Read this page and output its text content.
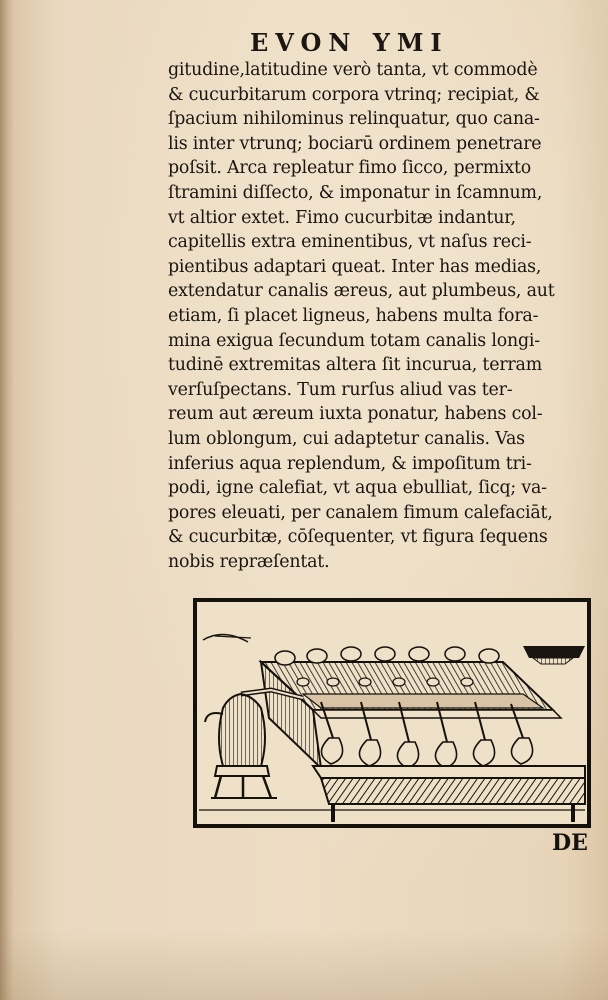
EVON YMI
gitudine,latitudine verò tanta, vt commodè
& cucurbitarum corpora vtrinq; recipiat, &
ſpacium nihilominus relinquatur, quo cana-
lis inter vtrunq; bociarū ordinem penetrare
poſsit. Arca repleatur fimo ſicco, permixto
ſtramini diſſecto, & imponatur in ſcamnum,
vt altior extet. Fimo cucurbitæ indantur,
capitellis extra eminentibus, vt naſus reci-
pientibus adaptari queat. Inter has medias,
extendatur canalis æreus, aut plumbeus, aut
etiam, ſi placet ligneus, habens multa fora-
mina exigua ſecundum totam canalis longi-
tudinē extremitas altera ſit incurua, terram
verſuſpectans. Tum rurſus aliud vas ter-
reum aut æreum iuxta ponatur, habens col-
lum oblongum, cui adaptetur canalis. Vas
inferius aqua replendum, & impoſitum tri-
podi, igne calefiat, vt aqua ebulliat, ſicq; va-
pores eleuati, per canalem fimum calefaciāt,
& cucurbitæ, cōſequenter, vt figura ſequens
nobis repræſentat.
DE
